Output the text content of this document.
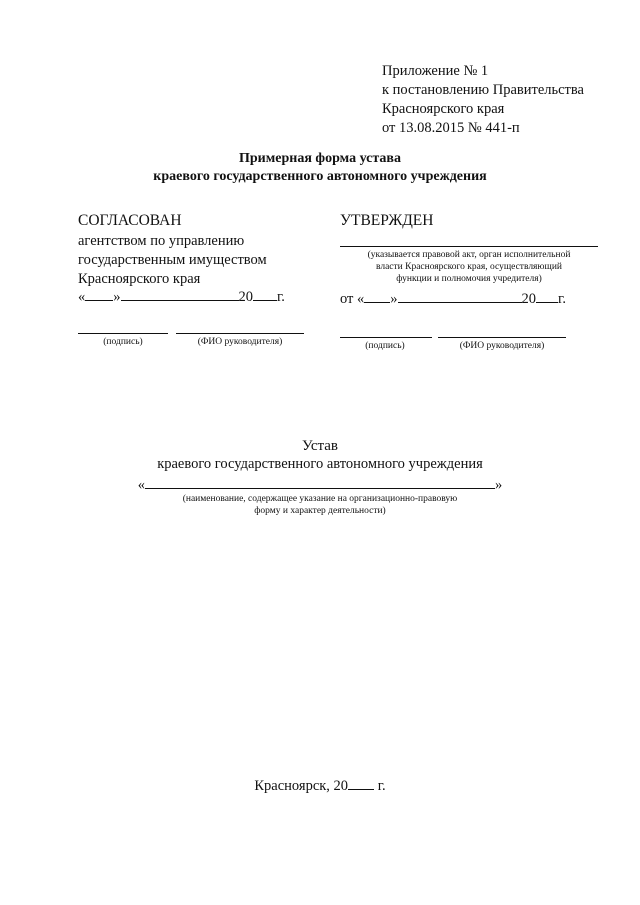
Приложение № 1
к постановлению Правительства
Красноярского края
от 13.08.2015 № 441-п
Примерная форма устава
краевого государственного автономного учреждения
СОГЛАСОВАН
агентством по управлению
государственным имуществом
Красноярского края
« »	20 г.
(подпись)	(ФИО руководителя)
УТВЕРЖДЕН
(указывается правовой акт, орган исполнительной
власти Красноярского края, осуществляющий
функции и полномочия учредителя)
от « »	20 г.
(подпись)	(ФИО руководителя)
Устав
краевого государственного автономного учреждения
«	»
(наименование, содержащее указание на организационно-правовую
форму и характер деятельности)
Красноярск, 20 г.
